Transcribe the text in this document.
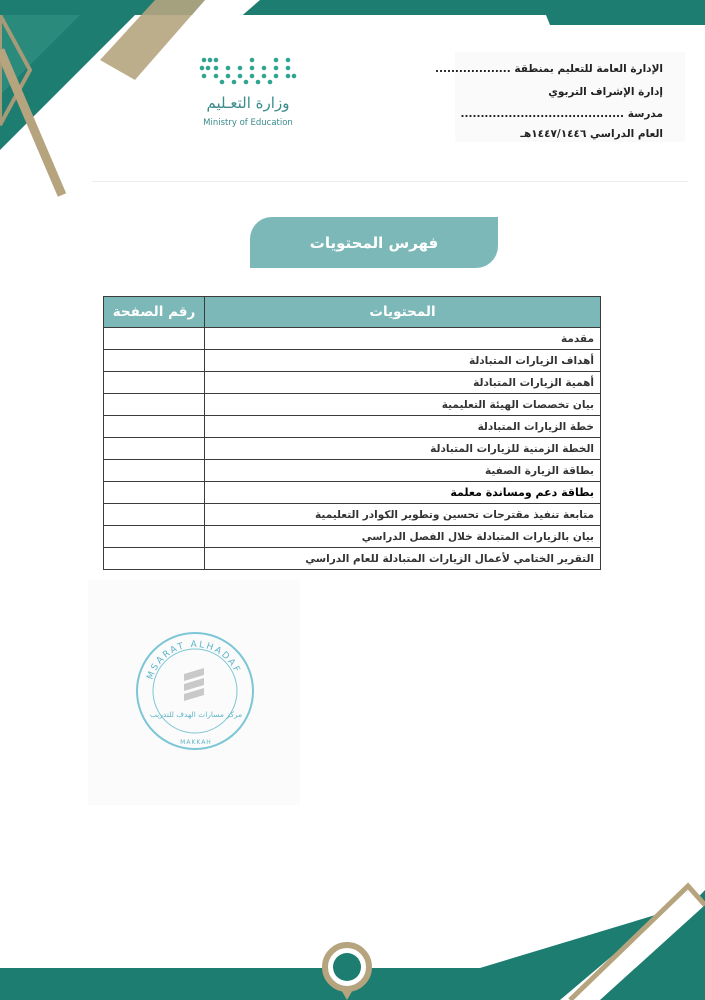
الإدارة العامة للتعليم بمنطقة ...................
إدارة الإشراف التربوي
مدرسة .........................................
العام الدراسي ١٤٤٧/١٤٤٦هـ
وزارة التعـليم
Ministry of Education
فهرس المحتويات
المحتويات	رقم الصفحة
مقدمة	
أهداف الزيارات المتبادلة	
أهمية الزيارات المتبادلة	
بيان تخصصات الهيئة التعليمية	
خطة الزيارات المتبادلة	
الخطة الزمنية للزيارات المتبادلة	
بطاقة الزيارة الصفية	
بطاقة دعم ومساندة معلمة	
متابعة تنفيذ مقترحات تحسين وتطوير الكوادر التعليمية	
بيان بالزيارات المتبادلة خلال الفصل الدراسي	
التقرير الختامي لأعمال الزيارات المتبادلة للعام الدراسي	
MSARAT ALHADAF
مركز مسارات الهدف للتدريب
MAKKAH
